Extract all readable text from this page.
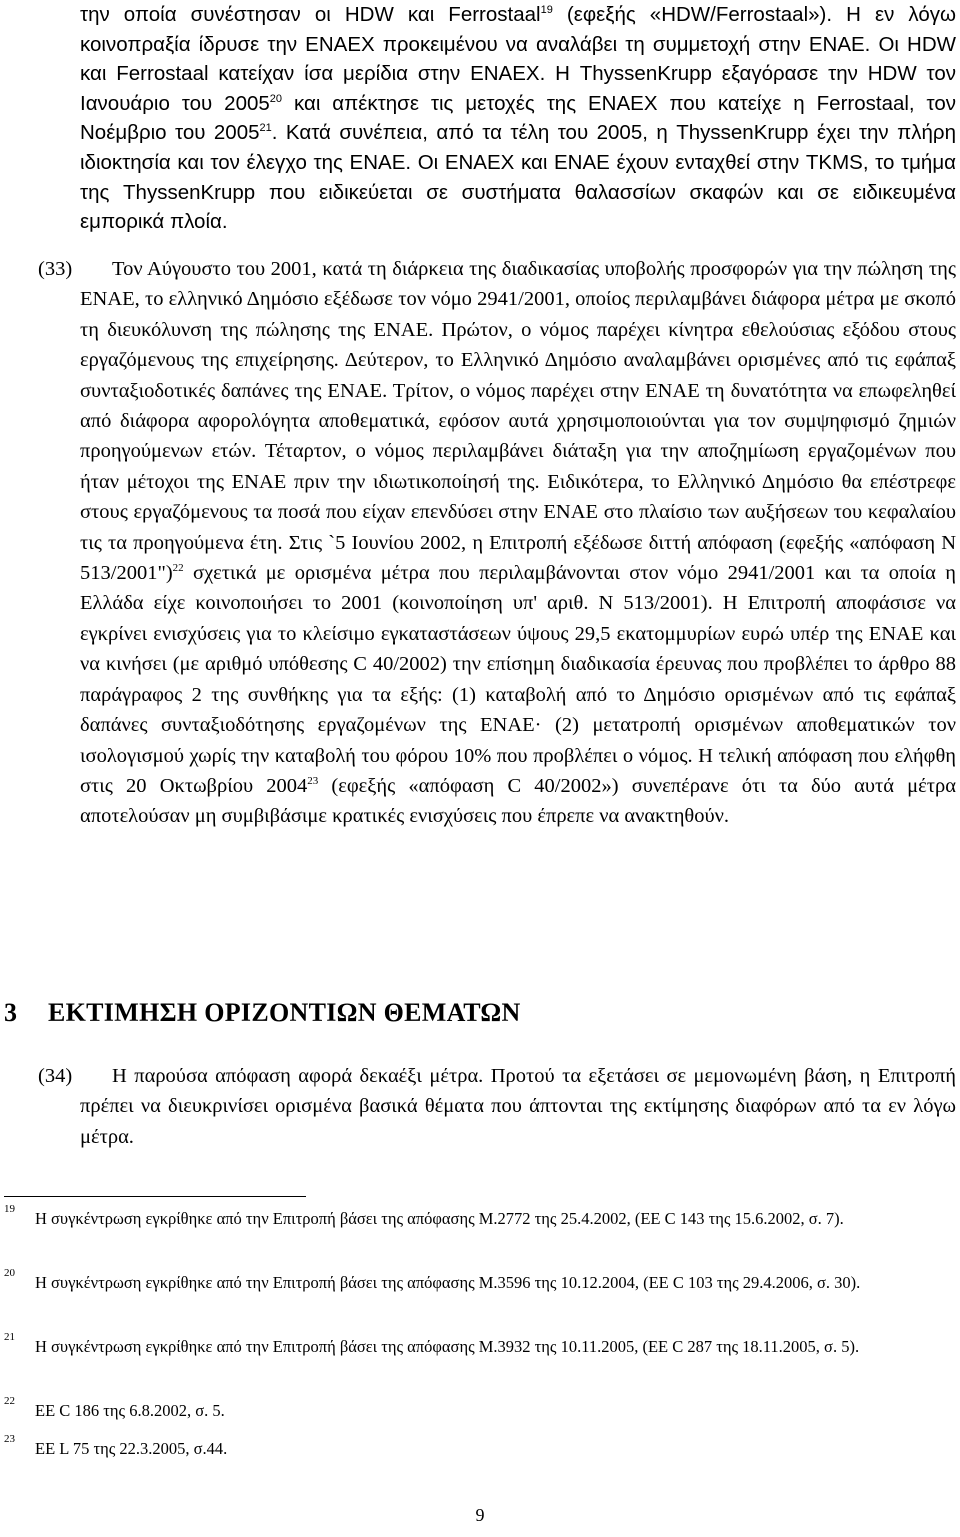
την οποία συνέστησαν οι HDW και Ferrostaal$^{19}$ (εφεξής «HDW/Ferrostaal»). Η εν λόγω κοινοπραξία ίδρυσε την ΕΝΑΕΧ προκειμένου να αναλάβει τη συμμετοχή στην ΕΝΑΕ. Οι HDW και Ferrostaal κατείχαν ίσα μερίδια στην ΕΝΑΕΧ. Η ThyssenKrupp εξαγόρασε την HDW τον Ιανουάριο του 2005$^{20}$ και απέκτησε τις μετοχές της ΕΝΑΕΧ που κατείχε η Ferrostaal, τον Νοέμβριο του 2005$^{21}$. Κατά συνέπεια, από τα τέλη του 2005, η ThyssenKrupp έχει την πλήρη ιδιοκτησία και τον έλεγχο της ΕΝΑΕ. Οι ΕΝΑΕΧ και ΕΝΑΕ έχουν ενταχθεί στην TKMS, το τμήμα της ThyssenKrupp που ειδικεύεται σε συστήματα θαλασσίων σκαφών και σε ειδικευμένα εμπορικά πλοία.
(33) Τον Αύγουστο του 2001, κατά τη διάρκεια της διαδικασίας υποβολής προσφορών για την πώληση της ΕΝΑΕ, το ελληνικό Δημόσιο εξέδωσε τον νόμο 2941/2001, οποίος περιλαμβάνει διάφορα μέτρα με σκοπό τη διευκόλυνση της πώλησης της ΕΝΑΕ. Πρώτον, ο νόμος παρέχει κίνητρα εθελούσιας εξόδου στους εργαζόμενους της επιχείρησης. Δεύτερον, το Ελληνικό Δημόσιο αναλαμβάνει ορισμένες από τις εφάπαξ συνταξιοδοτικές δαπάνες της ΕΝΑΕ. Τρίτον, ο νόμος παρέχει στην ΕΝΑΕ τη δυνατότητα να επωφεληθεί από διάφορα αφορολόγητα αποθεματικά, εφόσον αυτά χρησιμοποιούνται για τον συμψηφισμό ζημιών προηγούμενων ετών. Τέταρτον, ο νόμος περιλαμβάνει διάταξη για την αποζημίωση εργαζομένων που ήταν μέτοχοι της ΕΝΑΕ πριν την ιδιωτικοποίησή της. Ειδικότερα, το Ελληνικό Δημόσιο θα επέστρεφε στους εργαζόμενους τα ποσά που είχαν επενδύσει στην ΕΝΑΕ στο πλαίσιο των αυξήσεων του κεφαλαίου τις τα προηγούμενα έτη. Στις `5 Ιουνίου 2002, η Επιτροπή εξέδωσε διττή απόφαση (εφεξής «απόφαση Ν 513/2001")$^{22}$ σχετικά με ορισμένα μέτρα που περιλαμβάνονται στον νόμο 2941/2001 και τα οποία η Ελλάδα είχε κοινοποιήσει το 2001 (κοινοποίηση υπ' αριθ. Ν 513/2001). Η Επιτροπή αποφάσισε να εγκρίνει ενισχύσεις για το κλείσιμο εγκαταστάσεων ύψους 29,5 εκατομμυρίων ευρώ υπέρ της ΕΝΑΕ και να κινήσει (με αριθμό υπόθεσης C 40/2002) την επίσημη διαδικασία έρευνας που προβλέπει το άρθρο 88 παράγραφος 2 της συνθήκης για τα εξής: (1) καταβολή από το Δημόσιο ορισμένων από τις εφάπαξ δαπάνες συνταξιοδότησης εργαζομένων της ΕΝΑΕ· (2) μετατροπή ορισμένων αποθεματικών τον ισολογισμού χωρίς την καταβολή του φόρου 10% που προβλέπει ο νόμος. Η τελική απόφαση που ελήφθη στις 20 Οκτωβρίου 2004$^{23}$ (εφεξής «απόφαση C 40/2002») συνεπέρανε ότι τα δύο αυτά μέτρα αποτελούσαν μη συμβιβάσιμε κρατικές ενισχύσεις που έπρεπε να ανακτηθούν.
3 ΕΚΤΙΜΗΣΗ ΟΡΙΖΟΝΤΙΩΝ ΘΕΜΑΤΩΝ
(34) Η παρούσα απόφαση αφορά δεκαέξι μέτρα. Προτού τα εξετάσει σε μεμονωμένη βάση, η Επιτροπή πρέπει να διευκρινίσει ορισμένα βασικά θέματα που άπτονται της εκτίμησης διαφόρων από τα εν λόγω μέτρα.
19	Η συγκέντρωση εγκρίθηκε από την Επιτροπή βάσει της απόφασης Μ.2772 της 25.4.2002, (ΕΕ C 143 της 15.6.2002, σ. 7).
20	Η συγκέντρωση εγκρίθηκε από την Επιτροπή βάσει της απόφασης Μ.3596 της 10.12.2004, (ΕΕ C 103 της 29.4.2006, σ. 30).
21	Η συγκέντρωση εγκρίθηκε από την Επιτροπή βάσει της απόφασης Μ.3932 της 10.11.2005, (ΕΕ C 287 της 18.11.2005, σ. 5).
22	ΕΕ C 186 της 6.8.2002, σ. 5.
23	ΕΕ L 75 της 22.3.2005, σ.44.
9
